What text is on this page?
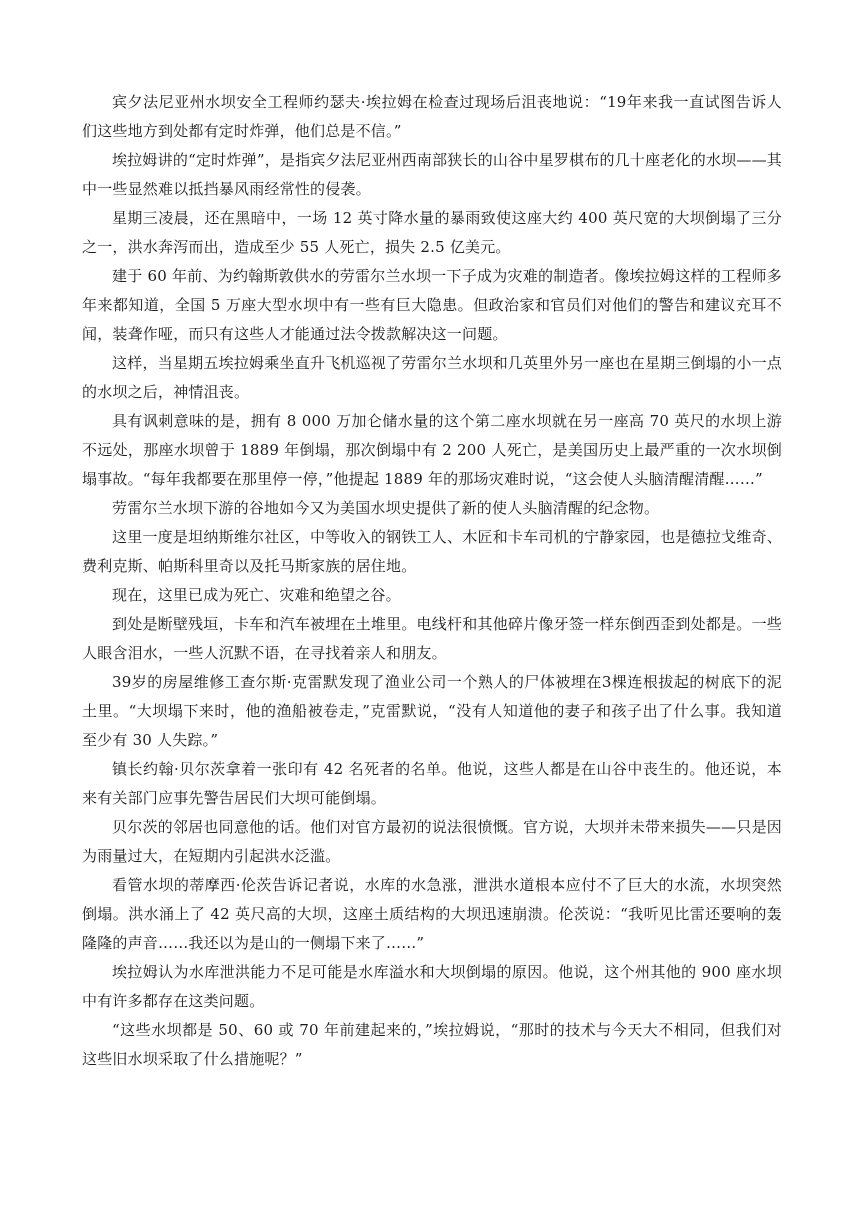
宾夕法尼亚州水坝安全工程师约瑟夫·埃拉姆在检查过现场后沮丧地说：“19年来我一直试图告诉人们这些地方到处都有定时炸弹，他们总是不信。”

埃拉姆讲的“定时炸弹”，是指宾夕法尼亚州西南部狭长的山谷中星罗棋布的几十座老化的水坝——其中一些显然难以抵挡暴风雨经常性的侵袭。

星期三凌晨，还在黑暗中，一场 12 英寸降水量的暴雨致使这座大约 400 英尺宽的大坝倒塌了三分之一，洪水奔泻而出，造成至少 55 人死亡，损失 2.5 亿美元。

建于 60 年前、为约翰斯敦供水的劳雷尔兰水坝一下子成为灾难的制造者。像埃拉姆这样的工程师多年来都知道，全国 5 万座大型水坝中有一些有巨大隐患。但政治家和官员们对他们的警告和建议充耳不闻，装聋作哑，而只有这些人才能通过法令拨款解决这一问题。

这样，当星期五埃拉姆乘坐直升飞机巡视了劳雷尔兰水坝和几英里外另一座也在星期三倒塌的小一点的水坝之后，神情沮丧。

具有讽刺意味的是，拥有 8 000 万加仑储水量的这个第二座水坝就在另一座高 70 英尺的水坝上游不远处，那座水坝曾于 1889 年倒塌，那次倒塌中有 2 200 人死亡，是美国历史上最严重的一次水坝倒塌事故。“每年我都要在那里停一停，”他提起 1889 年的那场灾难时说，“这会使人头脑清醒清醒……”

劳雷尔兰水坝下游的谷地如今又为美国水坝史提供了新的使人头脑清醒的纪念物。

这里一度是坦纳斯维尔社区，中等收入的钢铁工人、木匠和卡车司机的宁静家园，也是德拉戈维奇、费利克斯、帕斯科里奇以及托马斯家族的居住地。

现在，这里已成为死亡、灾难和绝望之谷。

到处是断壁残垣，卡车和汽车被埋在土堆里。电线杆和其他碎片像牙签一样东倒西歪到处都是。一些人眼含泪水，一些人沉默不语，在寻找着亲人和朋友。

39岁的房屋维修工查尔斯·克雷默发现了渔业公司一个熟人的尸体被埋在3棵连根拔起的树底下的泥土里。“大坝塌下来时，他的渔船被卷走，”克雷默说，“没有人知道他的妻子和孩子出了什么事。我知道至少有 30 人失踪。”

镇长约翰·贝尔茨拿着一张印有 42 名死者的名单。他说，这些人都是在山谷中丧生的。他还说，本来有关部门应事先警告居民们大坝可能倒塌。

贝尔茨的邻居也同意他的话。他们对官方最初的说法很愤慨。官方说，大坝并未带来损失——只是因为雨量过大，在短期内引起洪水泛滥。

看管水坝的蒂摩西·伦茨告诉记者说，水库的水急涨，泄洪水道根本应付不了巨大的水流，水坝突然倒塌。洪水涌上了 42 英尺高的大坝，这座土质结构的大坝迅速崩溃。伦茨说：“我听见比雷还要响的轰隆隆的声音……我还以为是山的一侧塌下来了……”

埃拉姆认为水库泄洪能力不足可能是水库溢水和大坝倒塌的原因。他说，这个州其他的 900 座水坝中有许多都存在这类问题。

“这些水坝都是 50、60 或 70 年前建起来的，”埃拉姆说，“那时的技术与今天大不相同，但我们对这些旧水坝采取了什么措施呢？”
